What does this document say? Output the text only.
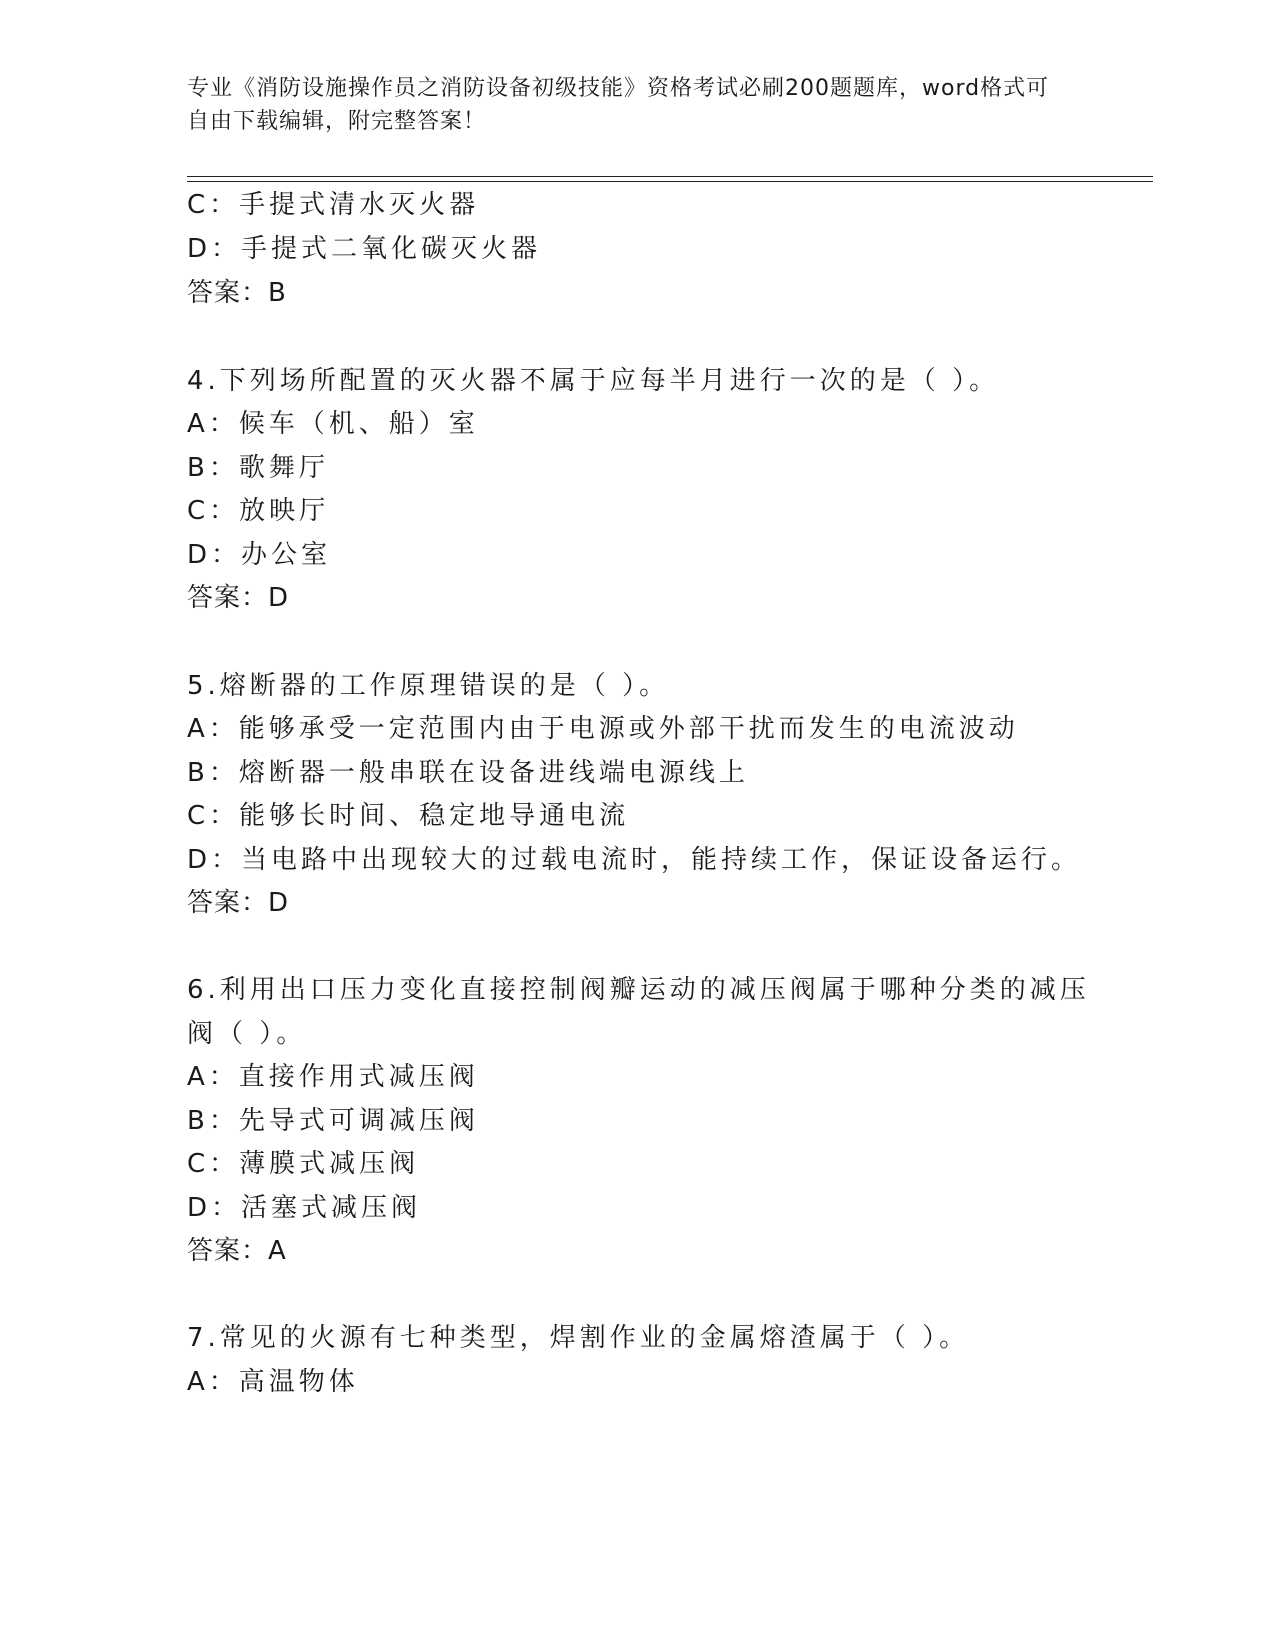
专业《消防设施操作员之消防设备初级技能》资格考试必刷200题题库，word格式可自由下载编辑，附完整答案！
C：手提式清水灭火器
D：手提式二氧化碳灭火器
答案：B
4.下列场所配置的灭火器不属于应每半月进行一次的是（ ）。
A：候车（机、船）室
B：歌舞厅
C：放映厅
D：办公室
答案：D
5.熔断器的工作原理错误的是（ ）。
A：能够承受一定范围内由于电源或外部干扰而发生的电流波动
B：熔断器一般串联在设备进线端电源线上
C：能够长时间、稳定地导通电流
D：当电路中出现较大的过载电流时，能持续工作，保证设备运行。
答案：D
6.利用出口压力变化直接控制阀瓣运动的减压阀属于哪种分类的减压
阀（ ）。
A：直接作用式减压阀
B：先导式可调减压阀
C：薄膜式减压阀
D：活塞式减压阀
答案：A
7.常见的火源有七种类型，焊割作业的金属熔渣属于（ ）。
A：高温物体
